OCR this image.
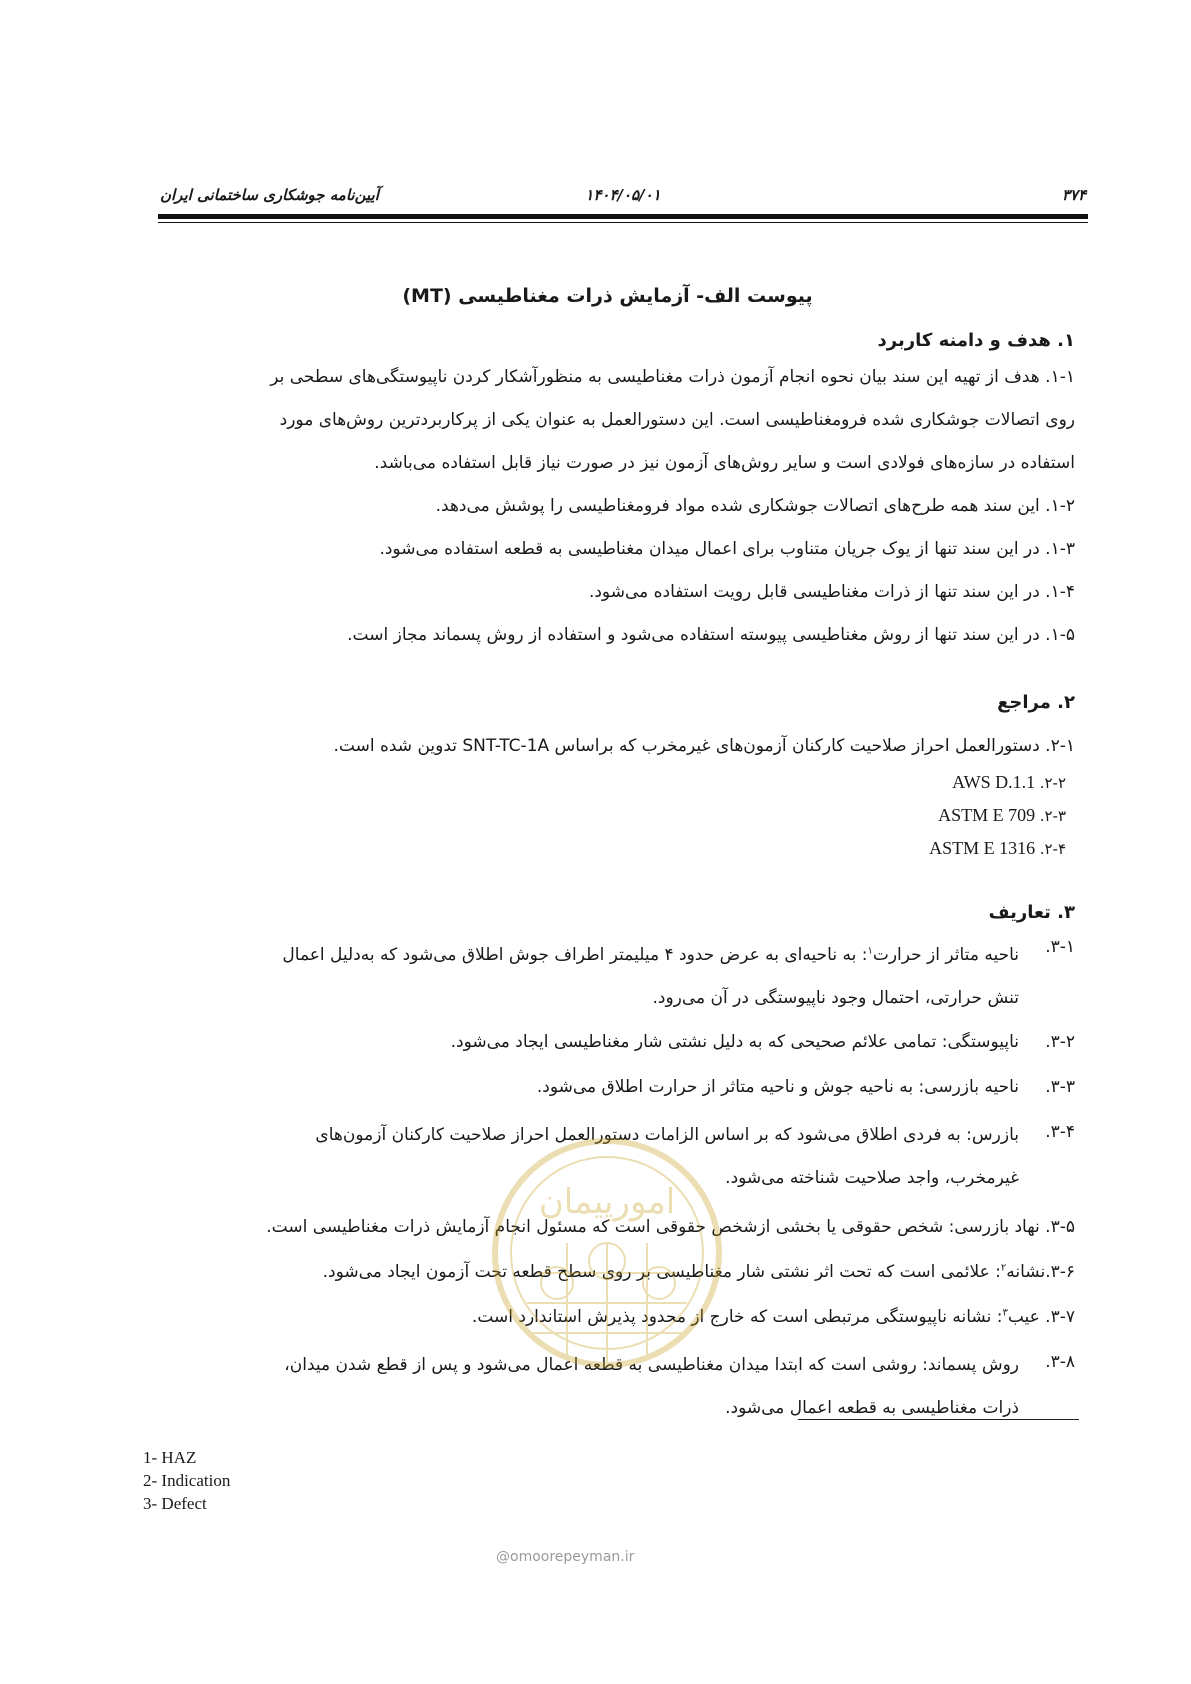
۳۷۴
۱۴۰۴/۰۵/۰۱
آیین‌نامه جوشکاری ساختمانی ایران
پیوست الف- آزمایش ذرات مغناطیسی (MT)
۱. هدف و دامنه کاربرد
۱-۱. هدف از تهیه این سند بیان نحوه انجام آزمون ذرات مغناطیسی به منظورآشکار کردن ناپیوستگی‌های سطحی بر
روی اتصالات جوشکاری شده فرومغناطیسی است. این دستورالعمل به عنوان یکی از پرکاربردترین روش‌های مورد
استفاده در سازه‌های فولادی است و سایر روش‌های آزمون نیز در صورت نیاز قابل استفاده می‌باشد.
۱-۲. این سند همه طرح‌های اتصالات جوشکاری شده مواد فرومغناطیسی را پوشش می‌دهد.
۱-۳. در این سند تنها از یوک جریان متناوب برای اعمال میدان مغناطیسی به قطعه استفاده می‌شود.
۱-۴. در این سند تنها از ذرات مغناطیسی قابل رویت استفاده می‌شود.
۱-۵. در این سند تنها از روش مغناطیسی پیوسته استفاده می‌شود و استفاده از روش پسماند مجاز است.
۲. مراجع
۲-۱. دستورالعمل احراز صلاحیت کارکنان آزمون‌های غیرمخرب که براساس SNT-TC-1A تدوین شده است.
۲-۲. AWS D.1.1
۲-۳. ASTM E 709
۲-۴. ASTM E 1316
۳. تعاریف
۳-۱.
ناحیه متاثر از حرارت$^۱$: به ناحیه‌ای به عرض حدود ۴ میلیمتر اطراف جوش اطلاق می‌شود که به‌دلیل اعمال
تنش حرارتی، احتمال وجود ناپیوستگی در آن می‌رود.
۳-۲.
ناپیوستگی: تمامی علائم صحیحی که به دلیل نشتی شار مغناطیسی ایجاد می‌شود.
۳-۳.
ناحیه بازرسی: به ناحیه جوش و ناحیه متاثر از حرارت اطلاق می‌شود.
۳-۴.
بازرس: به فردی اطلاق می‌شود که بر اساس الزامات دستورالعمل احراز صلاحیت کارکنان آزمون‌های
غیرمخرب، واجد صلاحیت شناخته می‌شود.
۳-۵. نهاد بازرسی: شخص حقوقی یا بخشی ازشخص حقوقی است که مسئول انجام آزمایش ذرات مغناطیسی است.
۳-۶.نشانه$^۲$: علائمی است که تحت اثر نشتی شار مغناطیسی بر روی سطح قطعه تحت آزمون ایجاد می‌شود.
۳-۷. عیب$^۳$: نشانه ناپیوستگی مرتبطی است که خارج از محدود پذیرش استاندارد است.
۳-۸.
روش پسماند: روشی است که ابتدا میدان مغناطیسی به قطعه اعمال می‌شود و پس از قطع شدن میدان،
ذرات مغناطیسی به قطعه اعمال می‌شود.
1- HAZ
2- Indication
3- Defect
امورپیمان
@omoorepeyman.ir
